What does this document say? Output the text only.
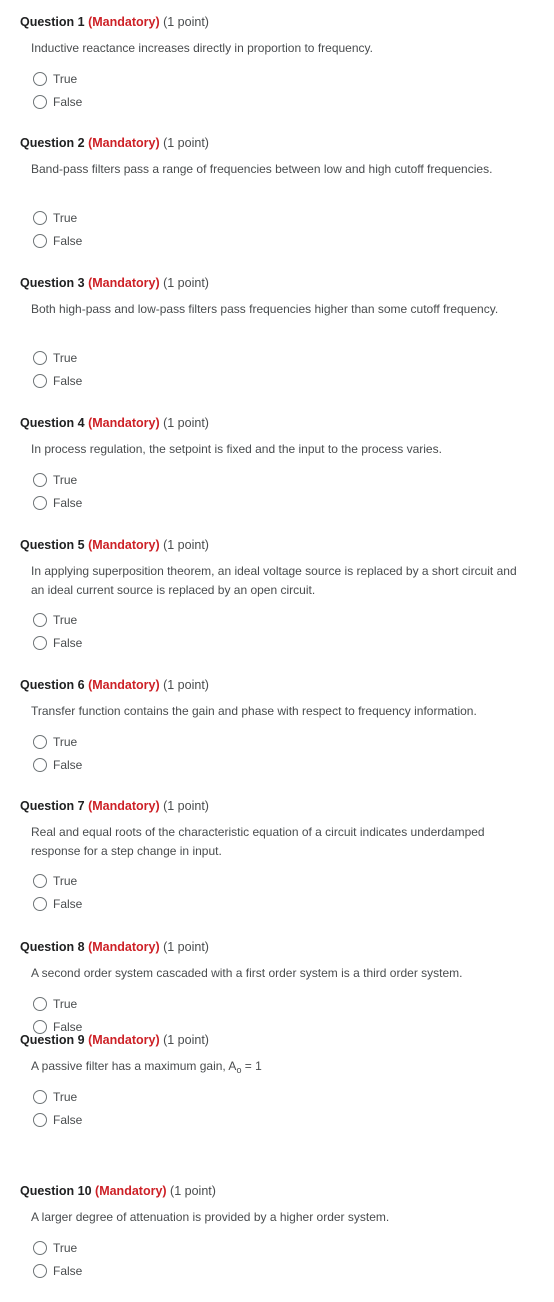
Question 1 (Mandatory) (1 point)
Inductive reactance increases directly in proportion to frequency.
True
False
Question 2 (Mandatory) (1 point)
Band-pass filters pass a range of frequencies between low and high cutoff frequencies.
True
False
Question 3 (Mandatory) (1 point)
Both high-pass and low-pass filters pass frequencies higher than some cutoff frequency.
True
False
Question 4 (Mandatory) (1 point)
In process regulation, the setpoint is fixed and the input to the process varies.
True
False
Question 5 (Mandatory) (1 point)
In applying superposition theorem, an ideal voltage source is replaced by a short circuit and an ideal current source is replaced by an open circuit.
True
False
Question 6 (Mandatory) (1 point)
Transfer function contains the gain and phase with respect to frequency information.
True
False
Question 7 (Mandatory) (1 point)
Real and equal roots of the characteristic equation of a circuit indicates underdamped response for a step change in input.
True
False
Question 8 (Mandatory) (1 point)
A second order system cascaded with a first order system is a third order system.
True
False
Question 9 (Mandatory) (1 point)
A passive filter has a maximum gain, $A_o = 1$
True
False
Question 10 (Mandatory) (1 point)
A larger degree of attenuation is provided by a higher order system.
True
False
